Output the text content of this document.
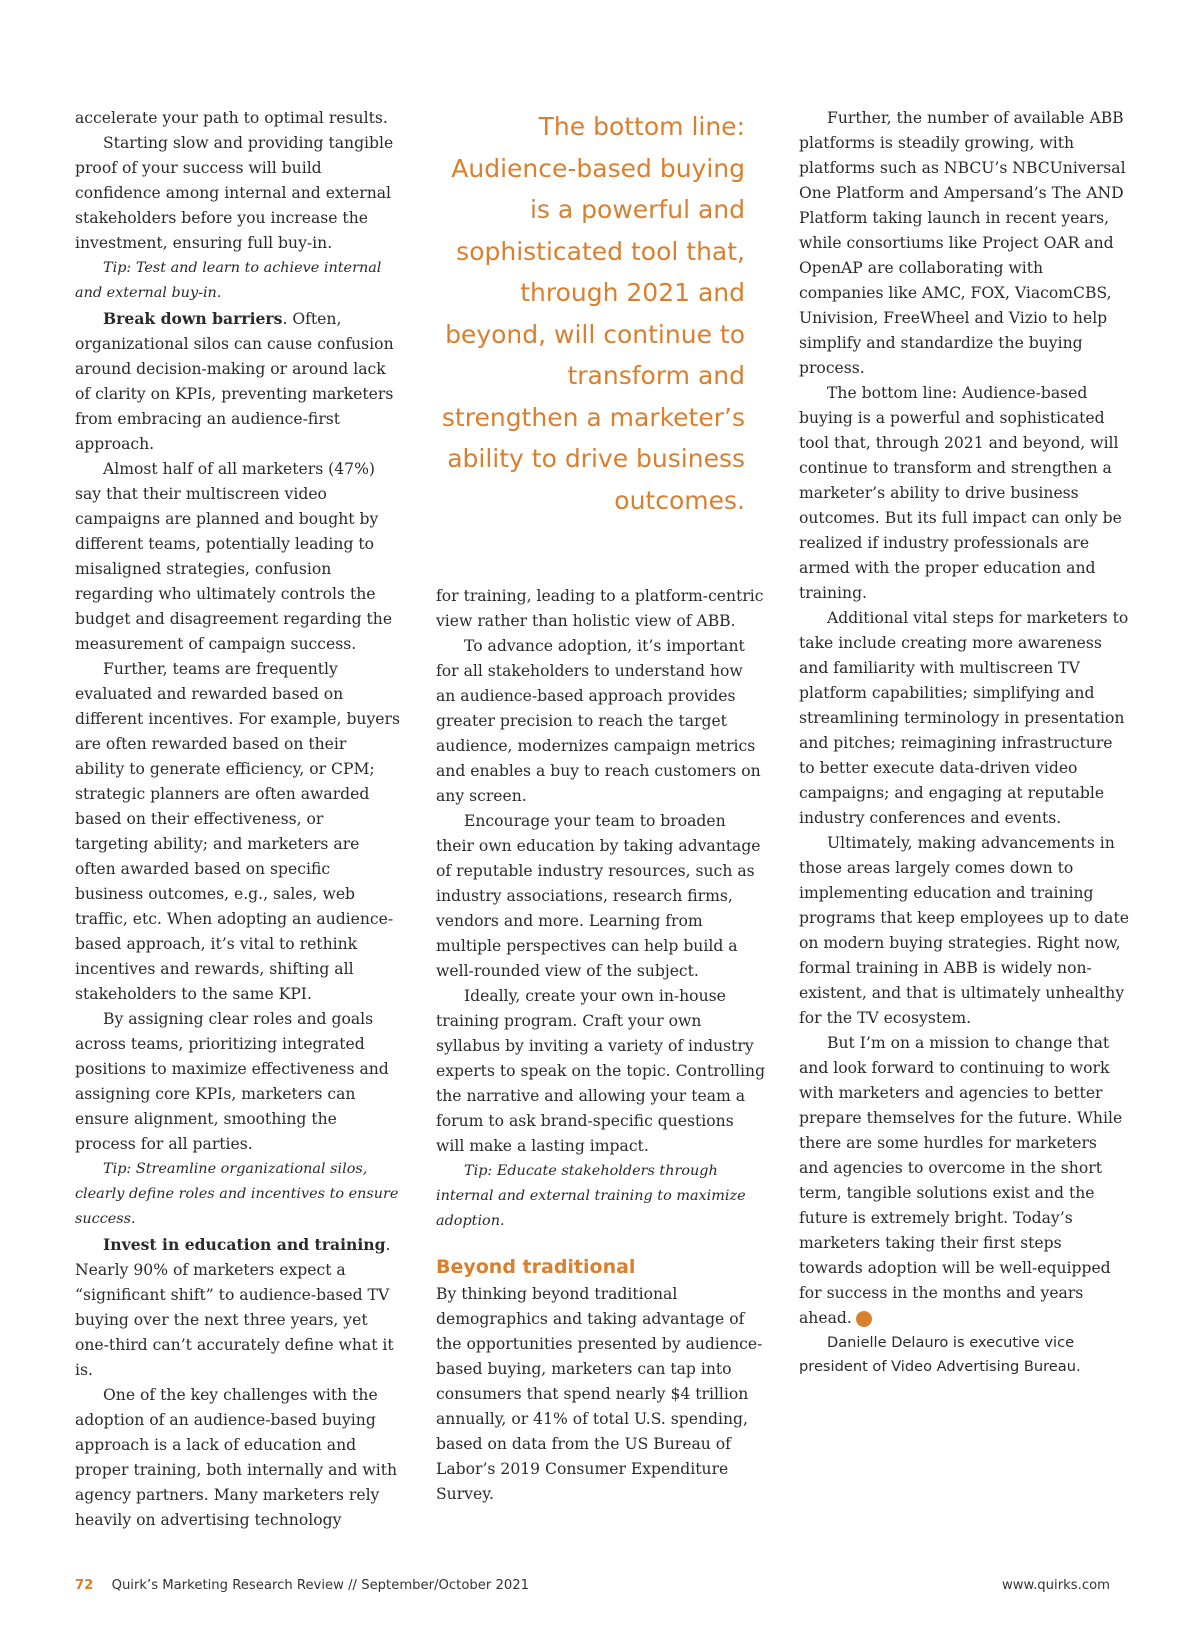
accelerate your path to optimal results.

Starting slow and providing tangible proof of your success will build confidence among internal and external stakeholders before you increase the investment, ensuring full buy-in.

Tip: Test and learn to achieve internal and external buy-in.

Break down barriers. Often, organizational silos can cause confusion around decision-making or around lack of clarity on KPIs, preventing marketers from embracing an audience-first approach.

Almost half of all marketers (47%) say that their multiscreen video campaigns are planned and bought by different teams, potentially leading to misaligned strategies, confusion regarding who ultimately controls the budget and disagreement regarding the measurement of campaign success.

Further, teams are frequently evaluated and rewarded based on different incentives. For example, buyers are often rewarded based on their ability to generate efficiency, or CPM; strategic planners are often awarded based on their effectiveness, or targeting ability; and marketers are often awarded based on specific business outcomes, e.g., sales, web traffic, etc. When adopting an audience-based approach, it’s vital to rethink incentives and rewards, shifting all stakeholders to the same KPI.

By assigning clear roles and goals across teams, prioritizing integrated positions to maximize effectiveness and assigning core KPIs, marketers can ensure alignment, smoothing the process for all parties.

Tip: Streamline organizational silos, clearly define roles and incentives to ensure success.

Invest in education and training. Nearly 90% of marketers expect a “significant shift” to audience-based TV buying over the next three years, yet one-third can’t accurately define what it is.

One of the key challenges with the adoption of an audience-based buying approach is a lack of education and proper training, both internally and with agency partners. Many marketers rely heavily on advertising technology

The bottom line: Audience-based buying is a powerful and sophisticated tool that, through 2021 and beyond, will continue to transform and strengthen a marketer’s ability to drive business outcomes.

for training, leading to a platform-centric view rather than holistic view of ABB.

To advance adoption, it’s important for all stakeholders to understand how an audience-based approach provides greater precision to reach the target audience, modernizes campaign metrics and enables a buy to reach customers on any screen.

Encourage your team to broaden their own education by taking advantage of reputable industry resources, such as industry associations, research firms, vendors and more. Learning from multiple perspectives can help build a well-rounded view of the subject.

Ideally, create your own in-house training program. Craft your own syllabus by inviting a variety of industry experts to speak on the topic. Controlling the narrative and allowing your team a forum to ask brand-specific questions will make a lasting impact.

Tip: Educate stakeholders through internal and external training to maximize adoption.

Beyond traditional

By thinking beyond traditional demographics and taking advantage of the opportunities presented by audience-based buying, marketers can tap into consumers that spend nearly $4 trillion annually, or 41% of total U.S. spending, based on data from the US Bureau of Labor’s 2019 Consumer Expenditure Survey.

Further, the number of available ABB platforms is steadily growing, with platforms such as NBCU’s NBCUniversal One Platform and Ampersand’s The AND Platform taking launch in recent years, while consortiums like Project OAR and OpenAP are collaborating with companies like AMC, FOX, ViacomCBS, Univision, FreeWheel and Vizio to help simplify and standardize the buying process.

The bottom line: Audience-based buying is a powerful and sophisticated tool that, through 2021 and beyond, will continue to transform and strengthen a marketer’s ability to drive business outcomes. But its full impact can only be realized if industry professionals are armed with the proper education and training.

Additional vital steps for marketers to take include creating more awareness and familiarity with multiscreen TV platform capabilities; simplifying and streamlining terminology in presentation and pitches; reimagining infrastructure to better execute data-driven video campaigns; and engaging at reputable industry conferences and events.

Ultimately, making advancements in those areas largely comes down to implementing education and training programs that keep employees up to date on modern buying strategies. Right now, formal training in ABB is widely non-existent, and that is ultimately unhealthy for the TV ecosystem.

But I’m on a mission to change that and look forward to continuing to work with marketers and agencies to better prepare themselves for the future. While there are some hurdles for marketers and agencies to overcome in the short term, tangible solutions exist and the future is extremely bright. Today’s marketers taking their first steps towards adoption will be well-equipped for success in the months and years ahead.	Q

Danielle Delauro is executive vice president of Video Advertising Bureau.

72 Quirk’s Marketing Research Review // September/October 2021	www.quirks.com
